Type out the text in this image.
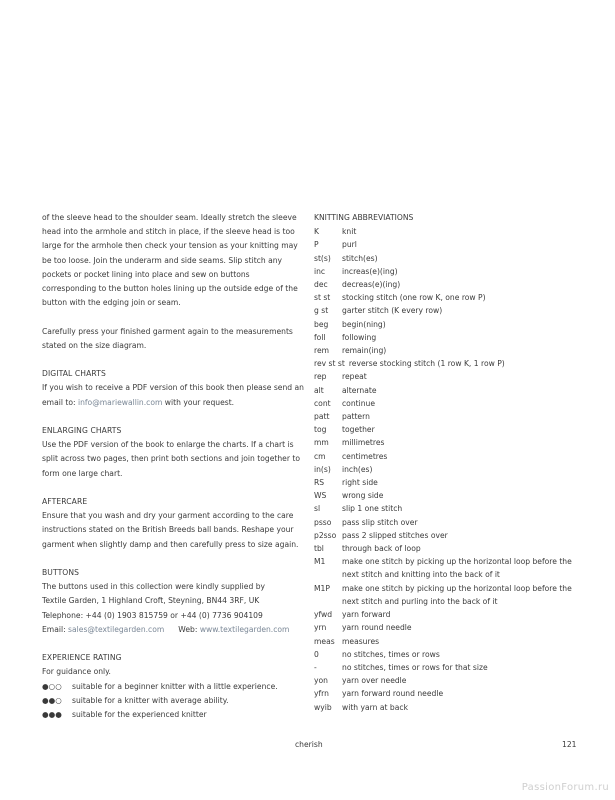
of the sleeve head to the shoulder seam. Ideally stretch the sleeve head into the armhole and stitch in place, if the sleeve head is too large for the armhole then check your tension as your knitting may be too loose. Join the underarm and side seams. Slip stitch any pockets or pocket lining into place and sew on buttons corresponding to the button holes lining up the outside edge of the button with the edging join or seam.

Carefully press your finished garment again to the measurements stated on the size diagram.

DIGITAL CHARTS

If you wish to receive a PDF version of this book then please send an email to: info@mariewallin.com with your request.

ENLARGING CHARTS

Use the PDF version of the book to enlarge the charts. If a chart is split across two pages, then print both sections and join together to form one large chart.

AFTERCARE

Ensure that you wash and dry your garment according to the care instructions stated on the British Breeds ball bands. Reshape your garment when slightly damp and then carefully press to size again.

BUTTONS

The buttons used in this collection were kindly supplied by

Textile Garden, 1 Highland Croft, Steyning, BN44 3RF, UK

Telephone: +44 (0) 1903 815759 or +44 (0) 7736 904109

Email: sales@textilegarden.com Web: www.textilegarden.com

EXPERIENCE RATING

For guidance only.

●○○ suitable for a beginner knitter with a little experience.

●●○ suitable for a knitter with average ability.

●●● suitable for the experienced knitter

KNITTING ABBREVIATIONS

K	knit
P	purl
st(s)	stitch(es)
inc	increas(e)(ing)
dec	decreas(e)(ing)
st st	stocking stitch (one row K, one row P)
g st	garter stitch (K every row)
beg	begin(ning)
foll	following
rem	remain(ing)
rev st st reverse stocking stitch (1 row K, 1 row P)
rep	repeat
alt	alternate
cont	continue
patt	pattern
tog	together
mm	millimetres
cm	centimetres
in(s)	inch(es)
RS	right side
WS	wrong side
sl	slip 1 one stitch
psso	pass slip stitch over
p2sso pass 2 slipped stitches over
tbl	through back of loop
M1	make one stitch by picking up the horizontal loop before the next stitch and knitting into the back of it
M1P	make one stitch by picking up the horizontal loop before the next stitch and purling into the back of it
yfwd	yarn forward
yrn	yarn round needle
meas measures
0	no stitches, times or rows
-	no stitches, times or rows for that size
yon	yarn over needle
yfrn	yarn forward round needle
wyib	with yarn at back
cherish	121
PassionForum.ru
